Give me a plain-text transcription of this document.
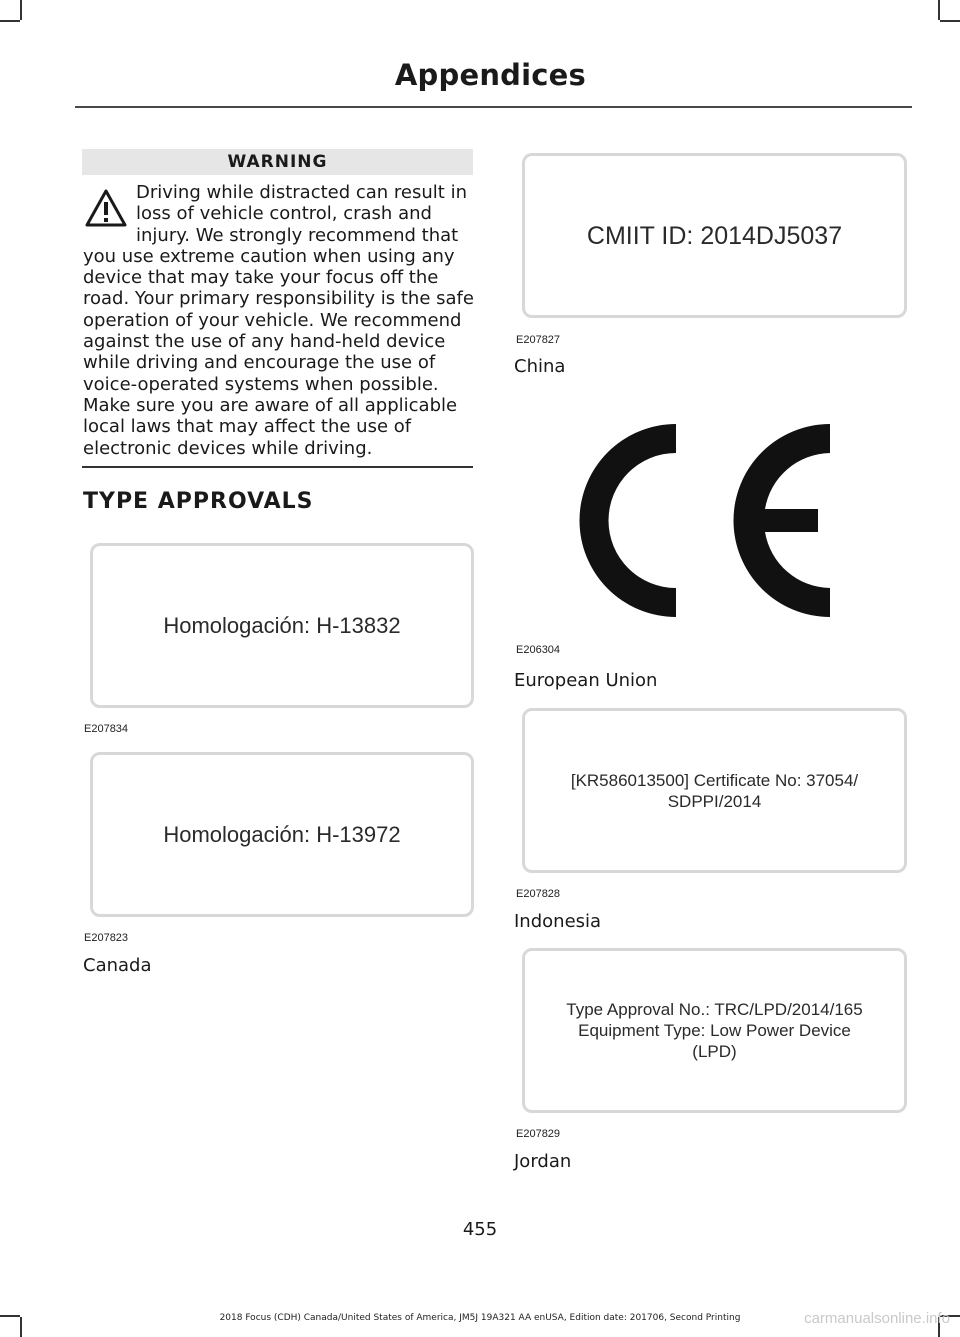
Appendices
WARNING
Driving while distracted can result in loss of vehicle control, crash and injury. We strongly recommend that you use extreme caution when using any device that may take your focus off the road. Your primary responsibility is the safe operation of your vehicle. We recommend against the use of any hand-held device while driving and encourage the use of voice-operated systems when possible. Make sure you are aware of all applicable local laws that may affect the use of electronic devices while driving.
TYPE APPROVALS
Homologación: H-13832
E207834
Homologación: H-13972
E207823
Canada
CMIIT ID: 2014DJ5037
E207827
China
E206304
European Union
[KR586013500] Certificate No: 37054/
SDPPI/2014
E207828
Indonesia
Type Approval No.: TRC/LPD/2014/165
Equipment Type: Low Power Device
(LPD)
E207829
Jordan
455
2018 Focus (CDH) Canada/United States of America, JM5J 19A321 AA enUSA, Edition date: 201706, Second Printing	carmanualsonline.info
